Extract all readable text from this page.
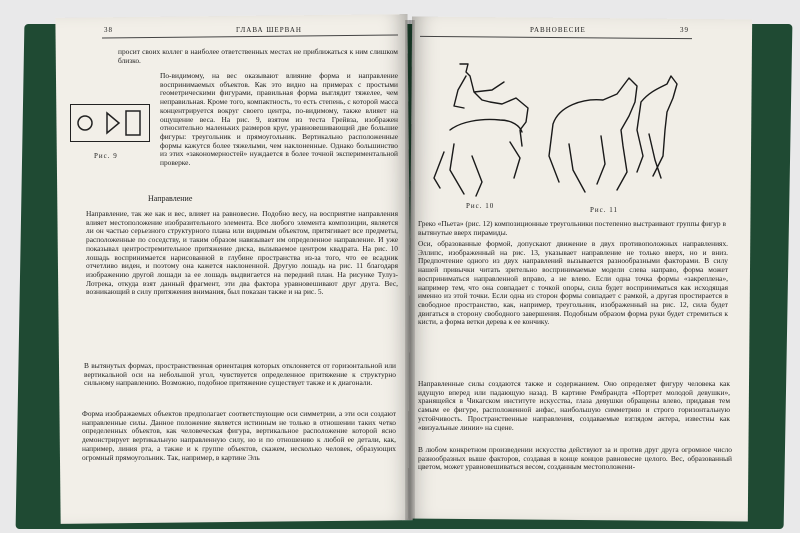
38	ГЛАВА ШЕРВАН

просит своих коллег в наиболее ответственных местах не приближаться к ним слишком близко.

Рис. 9

По-видимому, на вес оказывают влияние форма и направление воспринимаемых объектов. Как это видно на примерах с простыми геометрическими фигурами, правильная форма выглядит тяжелее, чем неправильная. Кроме того, компактность, то есть степень, с которой масса концентрируется вокруг своего центра, по-видимому, также влияет на ощущение веса. На рис. 9, взятом из теста Грейвза, изображен относительно маленьких размеров круг, уравновешивающий две большие фигуры: треугольник и прямоугольник. Вертикально расположенные формы кажутся более тяжелыми, чем наклоненные. Однако большинство из этих «закономерностей» нуждается в более точной экспериментальной проверке.

Направление

Направление, так же как и вес, влияет на равновесие. Подобно весу, на восприятие направления влияет местоположение изобразительного элемента. Все любого элемента композиции, является ли он частью серьезного структурного плана или видимым объектом, притягивает все предметы, расположенные по соседству, и таким образом навязывает им определенное направление. И уже показывал центростремительное притяжение диска, вызываемое центром квадрата. На рис. 10 лошадь воспринимается нарисованной в глубине пространства из-за того, что ее всадник отчетливо виден, и поэтому она кажется наклоненной. Другую лошадь на рис. 11 благодаря изображению другой лошади за ее лошадь выдвигается на передний план. На рисунке Тулуз-Лотрека, откуда взят данный фрагмент, эти два фактора уравновешивают друг друга. Вес, возникающий в силу притяжения внимания, был показан также и на рис. 5.

В вытянутых формах, пространственная ориентация которых отклоняется от горизонтальной или вертикальной оси на небольшой угол, чувствуется определенное притяжение к структурно сильному направлению. Возможно, подобное притяжение существует также и к диагонали.

Форма изображаемых объектов предполагает соответствующие оси симметрии, а эти оси создают направленные силы. Данное положение является истинным не только в отношении таких четко определенных объектов, как человеческая фигура, вертикальное расположение которой ясно демонстрирует вертикальную направленную силу, но и по отношению к любой ее детали, как, например, линия рта, а также и к группе объектов, скажем, несколько человек, образующих огромный прямоугольник. Так, например, в картине Эль

РАВНОВЕСИЕ	39
Рис. 10	Рис. 11

Греко «Пьета» (рис. 12) композиционные треугольники постепенно выстраивают группы фигур в вытянутые вверх пирамиды.

Оси, образованные формой, допускают движение в двух противоположных направлениях. Эллипс, изображенный на рис. 13, указывает направление не только вверх, но и вниз. Предпочтение одного из двух направлений вызывается разнообразными факторами. В силу нашей привычки читать зрительно воспринимаемые модели слева направо, форма может восприниматься направленной вправо, а не влево. Если одна точка формы «закреплена», например тем, что она совпадает с точкой опоры, сила будет восприниматься как исходящая именно из этой точки. Если одна из сторон формы совпадает с рамкой, а другая простирается в свободное пространство, как, например, треугольник, изображенный на рис. 12, сила будет двигаться в сторону свободного завершения. Подобным образом форма руки будет стремиться к кисти, а форма ветки дерева к ее кончику.

Направленные силы создаются также и содержанием. Оно определяет фигуру человека как идущую вперед или падающую назад. В картине Рембрандта «Портрет молодой девушки», хранящейся в Чикагском институте искусства, глаза девушки обращены влево, придавая тем самым ее фигуре, расположенной анфас, наибольшую симметрию и строго горизонтальную устойчивость. Пространственные направления, создаваемые взглядом актера, известны как «визуальные линии» на сцене.

В любом конкретном произведении искусства действуют за и против друг друга огромное число разнообразных выше факторов, создавая в конце концов равновесие целого. Вес, образованный цветом, может уравновешиваться весом, созданным местоположени-
